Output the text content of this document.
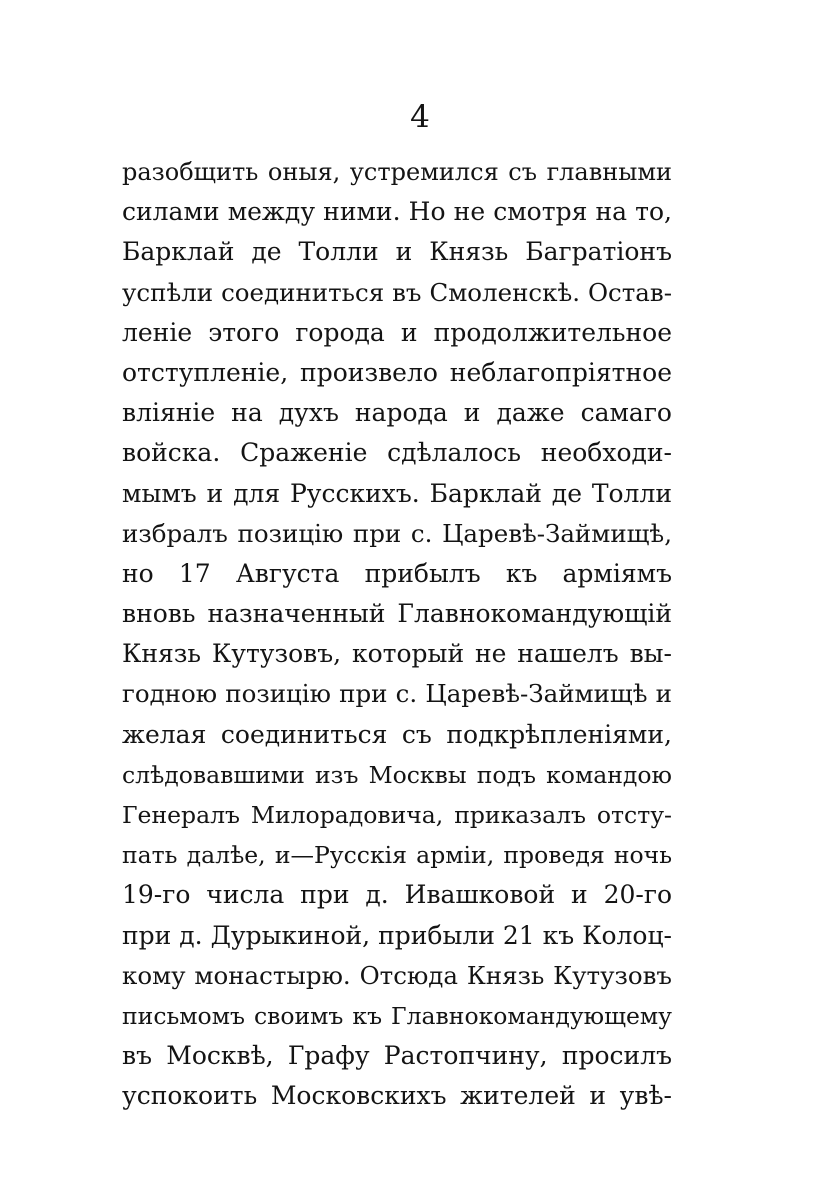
4
разобщить оныя, устремился съ главными
силами между ними. Но не смотря на то,
Барклай де Толли и Князь Багратіонъ
успѣли соединиться въ Смоленскѣ. Остав-
леніе этого города и продолжительное
отступленіе, произвело неблагопріятное
вліяніе на духъ народа и даже самаго
войска. Сраженіе сдѣлалось необходи-
мымъ и для Русскихъ. Барклай де Толли
избралъ позицію при с. Царевѣ-Займищѣ,
но 17 Августа прибылъ къ арміямъ
вновь назначенный Главнокомандующій
Князь Кутузовъ, который не нашелъ вы-
годною позицію при с. Царевѣ-Займищѣ и
желая соединиться съ подкрѣпленіями,
слѣдовавшими изъ Москвы подъ командою
Генералъ Милорадовича, приказалъ отсту-
пать далѣе, и—Русскія арміи, проведя ночь
19-го числа при д. Ивашковой и 20-го
при д. Дурыкиной, прибыли 21 къ Колоц-
кому монастырю. Отсюда Князь Кутузовъ
письмомъ своимъ къ Главнокомандующему
въ Москвѣ, Графу Растопчину, просилъ
успокоить Московскихъ жителей и увѣ-
